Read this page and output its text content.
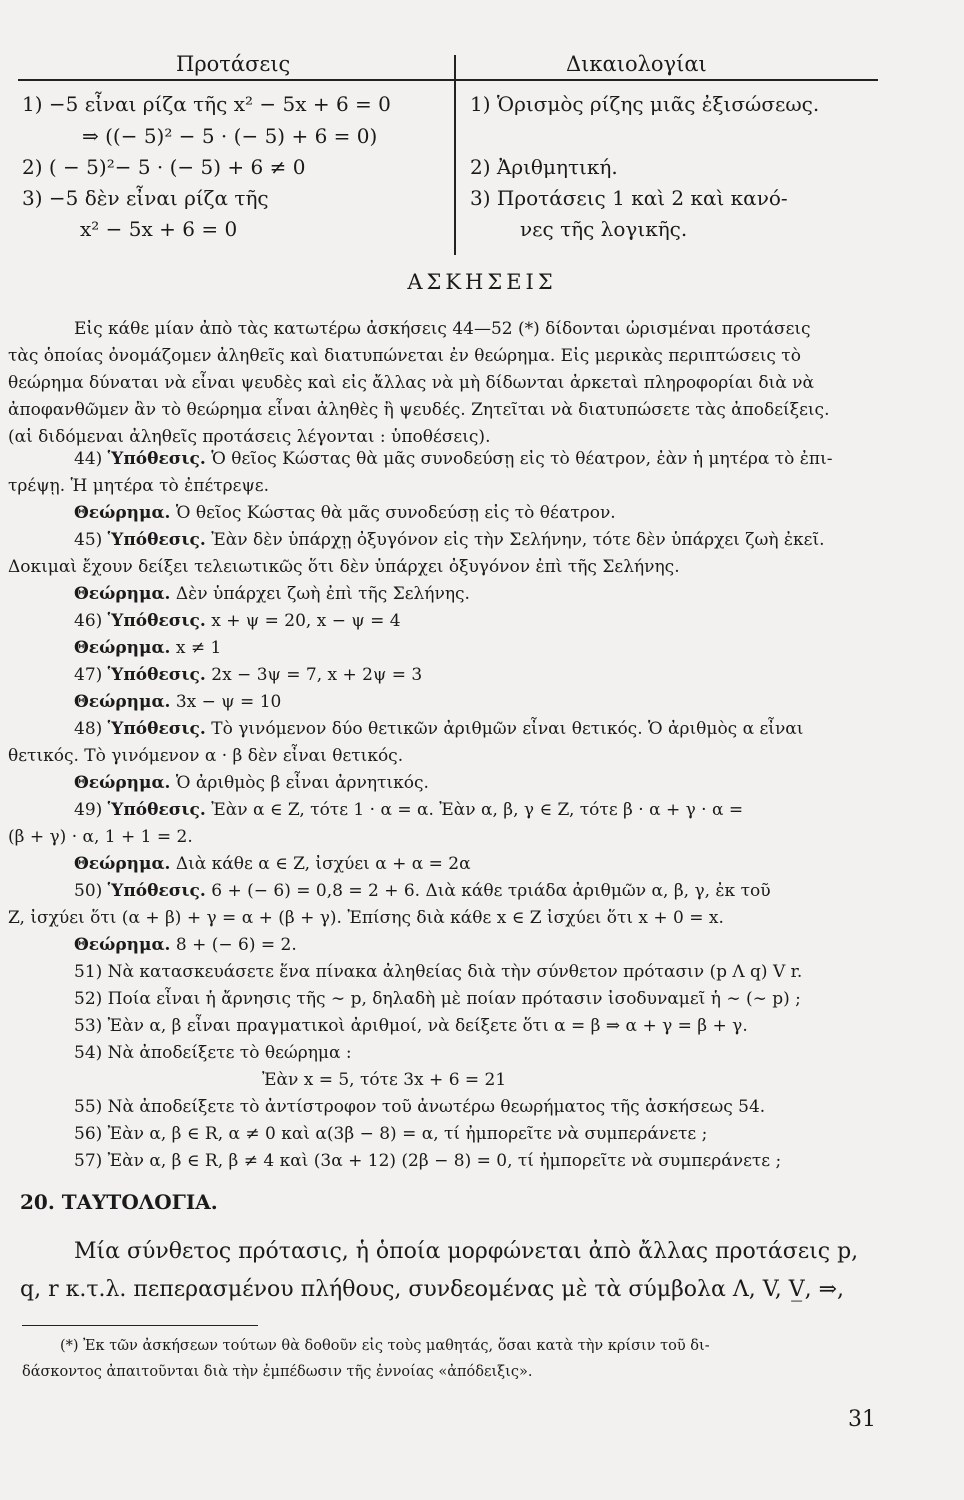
Προτάσεις	Δικαιολογίαι
1) −5 εἶναι ρίζα τῆς x² − 5x + 6 = 0
⇒ ((− 5)² − 5 · (− 5) + 6 = 0)
2) ( − 5)²− 5 · (− 5) + 6 ≠ 0
3) −5 δὲν εἶναι ρίζα τῆς
x² − 5x + 6 = 0
1) Ὁρισμὸς ρίζης μιᾶς ἐξισώσεως.
2) Ἀριθμητική.
3) Προτάσεις 1 καὶ 2 καὶ κανό-
νες τῆς λογικῆς.
ΑΣΚΗΣΕΙΣ
Εἰς κάθε μίαν ἀπὸ τὰς κατωτέρω ἀσκήσεις 44—52 (*) δίδονται ὡρισμέναι προτάσεις
τὰς ὁποίας ὀνομάζομεν ἀληθεῖς καὶ διατυπώνεται ἐν θεώρημα. Εἰς μερικὰς περιπτώσεις τὸ
θεώρημα δύναται νὰ εἶναι ψευδὲς καὶ εἰς ἄλλας νὰ μὴ δίδωνται ἀρκεταὶ πληροφορίαι διὰ νὰ
ἀποφανθῶμεν ἂν τὸ θεώρημα εἶναι ἀληθὲς ἢ ψευδές. Ζητεῖται νὰ διατυπώσετε τὰς ἀποδείξεις.
(αἱ διδόμεναι ἀληθεῖς προτάσεις λέγονται : ὑποθέσεις).
44) Ὑπόθεσις. Ὁ θεῖος Κώστας θὰ μᾶς συνοδεύσῃ εἰς τὸ θέατρον, ἐὰν ἡ μητέρα τὸ ἐπι-
τρέψῃ. Ἡ μητέρα τὸ ἐπέτρεψε.
Θεώρημα. Ὁ θεῖος Κώστας θὰ μᾶς συνοδεύσῃ εἰς τὸ θέατρον.
45) Ὑπόθεσις. Ἐὰν δὲν ὑπάρχῃ ὀξυγόνον εἰς τὴν Σελήνην, τότε δὲν ὑπάρχει ζωὴ ἐκεῖ.
Δοκιμαὶ ἔχουν δείξει τελειωτικῶς ὅτι δὲν ὑπάρχει ὀξυγόνον ἐπὶ τῆς Σελήνης.
Θεώρημα. Δὲν ὑπάρχει ζωὴ ἐπὶ τῆς Σελήνης.
46) Ὑπόθεσις. x + ψ = 20, x − ψ = 4
Θεώρημα. x ≠ 1
47) Ὑπόθεσις. 2x − 3ψ = 7, x + 2ψ = 3
Θεώρημα. 3x − ψ = 10
48) Ὑπόθεσις. Τὸ γινόμενον δύο θετικῶν ἀριθμῶν εἶναι θετικός. Ὁ ἀριθμὸς α εἶναι
θετικός. Τὸ γινόμενον α · β δὲν εἶναι θετικός.
Θεώρημα. Ὁ ἀριθμὸς β εἶναι ἀρνητικός.
49) Ὑπόθεσις. Ἐὰν α ∈ Z, τότε 1 · α = α. Ἐὰν α, β, γ ∈ Z, τότε β · α + γ · α =
(β + γ) · α, 1 + 1 = 2.
Θεώρημα. Διὰ κάθε α ∈ Z, ἰσχύει α + α = 2α
50) Ὑπόθεσις. 6 + (− 6) = 0,8 = 2 + 6. Διὰ κάθε τριάδα ἀριθμῶν α, β, γ, ἐκ τοῦ
Z, ἰσχύει ὅτι (α + β) + γ = α + (β + γ). Ἐπίσης διὰ κάθε x ∈ Z ἰσχύει ὅτι x + 0 = x.
Θεώρημα. 8 + (− 6) = 2.
51) Νὰ κατασκευάσετε ἕνα πίνακα ἀληθείας διὰ τὴν σύνθετον πρότασιν (p Λ q) V r.
52) Ποία εἶναι ἡ ἄρνησις τῆς ∼ p, δηλαδὴ μὲ ποίαν πρότασιν ἰσοδυναμεῖ ἡ ∼ (∼ p) ;
53) Ἐὰν α, β εἶναι πραγματικοὶ ἀριθμοί, νὰ δείξετε ὅτι α = β ⇒ α + γ = β + γ.
54) Νὰ ἀποδείξετε τὸ θεώρημα :
Ἐὰν x = 5, τότε 3x + 6 = 21
55) Νὰ ἀποδείξετε τὸ ἀντίστροφον τοῦ ἀνωτέρω θεωρήματος τῆς ἀσκήσεως 54.
56) Ἐὰν α, β ∈ R, α ≠ 0 καὶ α(3β − 8) = α, τί ἠμπορεῖτε νὰ συμπεράνετε ;
57) Ἐὰν α, β ∈ R, β ≠ 4 καὶ (3α + 12) (2β − 8) = 0, τί ἠμπορεῖτε νὰ συμπεράνετε ;
20. ΤΑΥΤΟΛΟΓΙΑ.
Μία σύνθετος πρότασις, ἡ ὁποία μορφώνεται ἀπὸ ἄλλας προτάσεις p,
q, r κ.τ.λ. πεπερασμένου πλήθους, συνδεομένας μὲ τὰ σύμβολα Λ, V, V̲, ⇒,
(*) Ἐκ τῶν ἀσκήσεων τούτων θὰ δοθοῦν εἰς τοὺς μαθητάς, ὅσαι κατὰ τὴν κρίσιν τοῦ δι-
δάσκοντος ἀπαιτοῦνται διὰ τὴν ἐμπέδωσιν τῆς ἐννοίας «ἀπόδειξις».
31
